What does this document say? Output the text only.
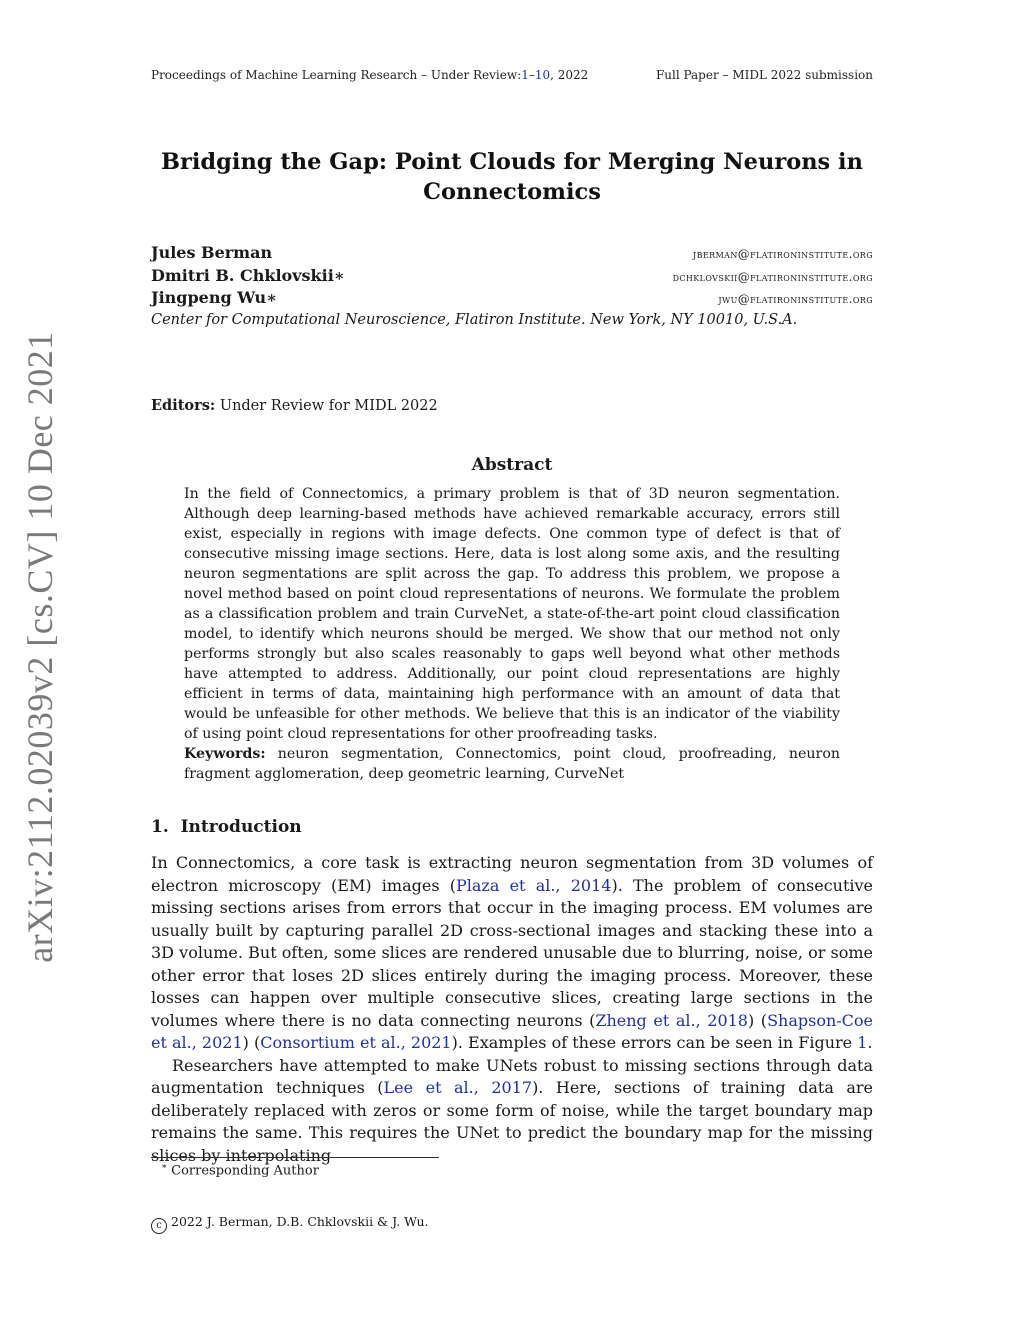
Proceedings of Machine Learning Research – Under Review:1–10, 2022	Full Paper – MIDL 2022 submission
arXiv:2112.02039v2 [cs.CV] 10 Dec 2021
Bridging the Gap: Point Clouds for Merging Neurons in Connectomics
Jules Berman	jberman@flatironinstitute.org
Dmitri B. Chklovskii∗	dchklovskii@flatironinstitute.org
Jingpeng Wu∗	jwu@flatironinstitute.org
Center for Computational Neuroscience, Flatiron Institute. New York, NY 10010, U.S.A.
Editors: Under Review for MIDL 2022
Abstract

In the field of Connectomics, a primary problem is that of 3D neuron segmentation. Although deep learning-based methods have achieved remarkable accuracy, errors still exist, especially in regions with image defects. One common type of defect is that of consecutive missing image sections. Here, data is lost along some axis, and the resulting neuron segmentations are split across the gap. To address this problem, we propose a novel method based on point cloud representations of neurons. We formulate the problem as a classification problem and train CurveNet, a state-of-the-art point cloud classification model, to identify which neurons should be merged. We show that our method not only performs strongly but also scales reasonably to gaps well beyond what other methods have attempted to address. Additionally, our point cloud representations are highly efficient in terms of data, maintaining high performance with an amount of data that would be unfeasible for other methods. We believe that this is an indicator of the viability of using point cloud representations for other proofreading tasks.

Keywords: neuron segmentation, Connectomics, point cloud, proofreading, neuron fragment agglomeration, deep geometric learning, CurveNet

1. Introduction

In Connectomics, a core task is extracting neuron segmentation from 3D volumes of electron microscopy (EM) images (Plaza et al., 2014). The problem of consecutive missing sections arises from errors that occur in the imaging process. EM volumes are usually built by capturing parallel 2D cross-sectional images and stacking these into a 3D volume. But often, some slices are rendered unusable due to blurring, noise, or some other error that loses 2D slices entirely during the imaging process. Moreover, these losses can happen over multiple consecutive slices, creating large sections in the volumes where there is no data connecting neurons (Zheng et al., 2018) (Shapson-Coe et al., 2021) (Consortium et al., 2021). Examples of these errors can be seen in Figure 1.

Researchers have attempted to make UNets robust to missing sections through data augmentation techniques (Lee et al., 2017). Here, sections of training data are deliberately replaced with zeros or some form of noise, while the target boundary map remains the same. This requires the UNet to predict the boundary map for the missing slices by interpolating

∗ Corresponding Author
c 2022 J. Berman, D.B. Chklovskii & J. Wu.
